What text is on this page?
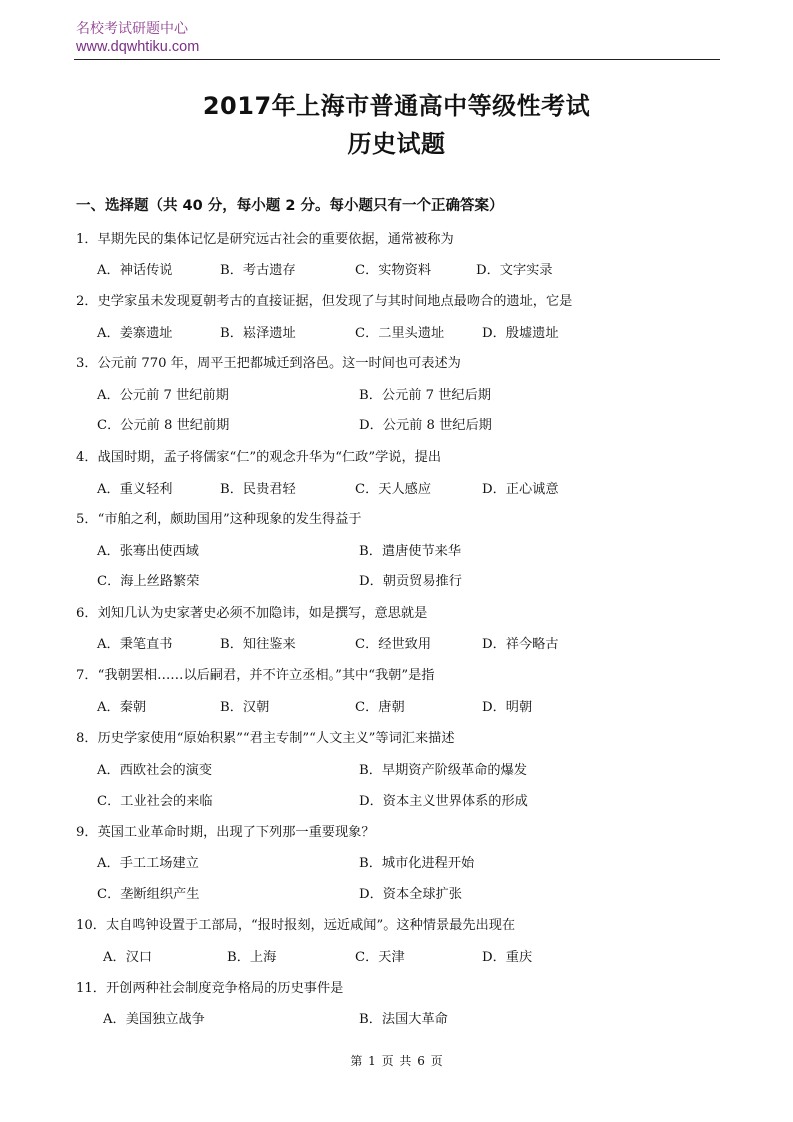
名校考试研题中心
www.dqwhtiku.com
2017年上海市普通高中等级性考试
历史试题
一、选择题（共 40 分，每小题 2 分。每小题只有一个正确答案）
1．早期先民的集体记忆是研究远古社会的重要依据，通常被称为
A．神话传说	B．考古遗存	C．实物资料	D．文字实录
2．史学家虽未发现夏朝考古的直接证据，但发现了与其时间地点最吻合的遗址，它是
A．姜寨遗址	B．崧泽遗址	C．二里头遗址	D．殷墟遗址
3．公元前 770 年，周平王把都城迁到洛邑。这一时间也可表述为
A．公元前 7 世纪前期	B．公元前 7 世纪后期
C．公元前 8 世纪前期	D．公元前 8 世纪后期
4．战国时期，孟子将儒家“仁”的观念升华为“仁政”学说，提出
A．重义轻利	B．民贵君轻	C．天人感应	D．正心诚意
5．“市舶之利，颇助国用”这种现象的发生得益于
A．张骞出使西域	B．遣唐使节来华
C．海上丝路繁荣	D．朝贡贸易推行
6．刘知几认为史家著史必须不加隐讳，如是撰写，意思就是
A．秉笔直书	B．知往鉴来	C．经世致用	D．祥今略古
7．“我朝罢相……以后嗣君，并不许立丞相。”其中“我朝”是指
A．秦朝	B．汉朝	C．唐朝	D．明朝
8．历史学家使用“原始积累”“君主专制”“人文主义”等词汇来描述
A．西欧社会的演变	B．早期资产阶级革命的爆发
C．工业社会的来临	D．资本主义世界体系的形成
9．英国工业革命时期，出现了下列那一重要现象？
A．手工工场建立	B．城市化进程开始
C．垄断组织产生	D．资本全球扩张
10．太自鸣钟设置于工部局，“报时报刻，远近咸闻”。这种情景最先出现在
A．汉口	B．上海	C．天津	D．重庆
11．开创两种社会制度竞争格局的历史事件是
A．美国独立战争	B．法国大革命
第 1 页 共 6 页
